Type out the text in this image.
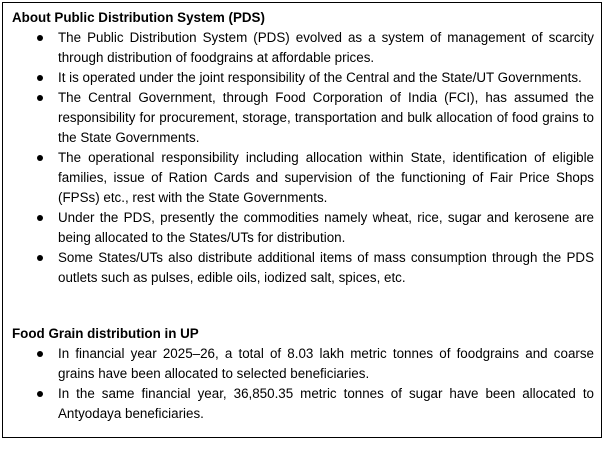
About Public Distribution System (PDS)
The Public Distribution System (PDS) evolved as a system of management of scarcity through distribution of foodgrains at affordable prices.
It is operated under the joint responsibility of the Central and the State/UT Governments.
The Central Government, through Food Corporation of India (FCI), has assumed the responsibility for procurement, storage, transportation and bulk allocation of food grains to the State Governments.
The operational responsibility including allocation within State, identification of eligible families, issue of Ration Cards and supervision of the functioning of Fair Price Shops (FPSs) etc., rest with the State Governments.
Under the PDS, presently the commodities namely wheat, rice, sugar and kerosene are being allocated to the States/UTs for distribution.
Some States/UTs also distribute additional items of mass consumption through the PDS outlets such as pulses, edible oils, iodized salt, spices, etc.
Food Grain distribution in UP
In financial year 2025–26, a total of 8.03 lakh metric tonnes of foodgrains and coarse grains have been allocated to selected beneficiaries.
In the same financial year, 36,850.35 metric tonnes of sugar have been allocated to Antyodaya beneficiaries.
